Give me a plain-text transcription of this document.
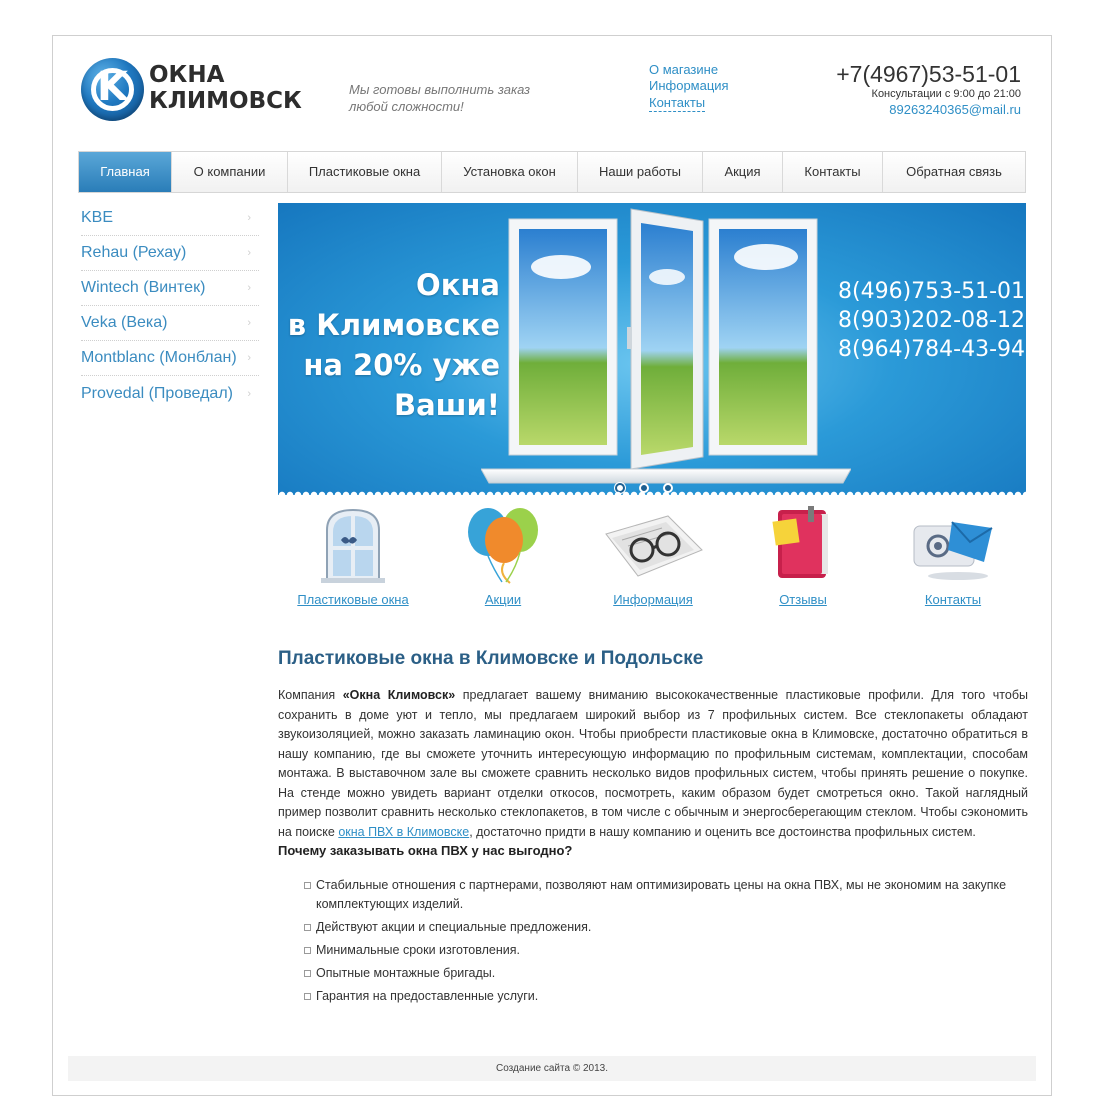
K ОКНА
КЛИМОВСК	Мы готовы выполнить заказ любой сложности!
О магазине
Информация
Контакты
+7(4967)53-51-01
Консультации с 9:00 до 21:00
89263240365@mail.ru
Главная	О компании	Пластиковые окна	Установка окон	Наши работы	Акция	Контакты	Обратная связь
KBE	›
Rehau (Рехау)	›
Wintech (Винтек)	›
Veka (Века)	›
Montblanc (Монблан) ›
Provedal (Проведал) ›
Окна
в Климовске
на 20% уже
Ваши!
8(496)753-51-01
8(903)202-08-12
8(964)784-43-94
Пластиковые окна	Акции	Информация	Отзывы	Контакты
Пластиковые окна в Климовске и Подольске

Компания «Окна Климовск» предлагает вашему вниманию высококачественные пластиковые профили. Для того чтобы сохранить в доме уют и тепло, мы предлагаем широкий выбор из 7 профильных систем. Все стеклопакеты обладают звукоизоляцией, можно заказать ламинацию окон. Чтобы приобрести пластиковые окна в Климовске, достаточно обратиться в нашу компанию, где вы сможете уточнить интересующую информацию по профильным системам, комплектации, способам монтажа. В выставочном зале вы сможете сравнить несколько видов профильных систем, чтобы принять решение о покупке. На стенде можно увидеть вариант отделки откосов, посмотреть, каким образом будет смотреться окно. Такой наглядный пример позволит сравнить несколько стеклопакетов, в том числе с обычным и энергосберегающим стеклом. Чтобы сэкономить на поиске окна ПВХ в Климовске, достаточно придти в нашу компанию и оценить все достоинства профильных систем.

Почему заказывать окна ПВХ у нас выгодно?
Стабильные отношения с партнерами, позволяют нам оптимизировать цены на окна ПВХ, мы не экономим на закупке комплектующих изделий.
Действуют акции и специальные предложения.
Минимальные сроки изготовления.
Опытные монтажные бригады.
Гарантия на предоставленные услуги.
Создание сайта © 2013.
